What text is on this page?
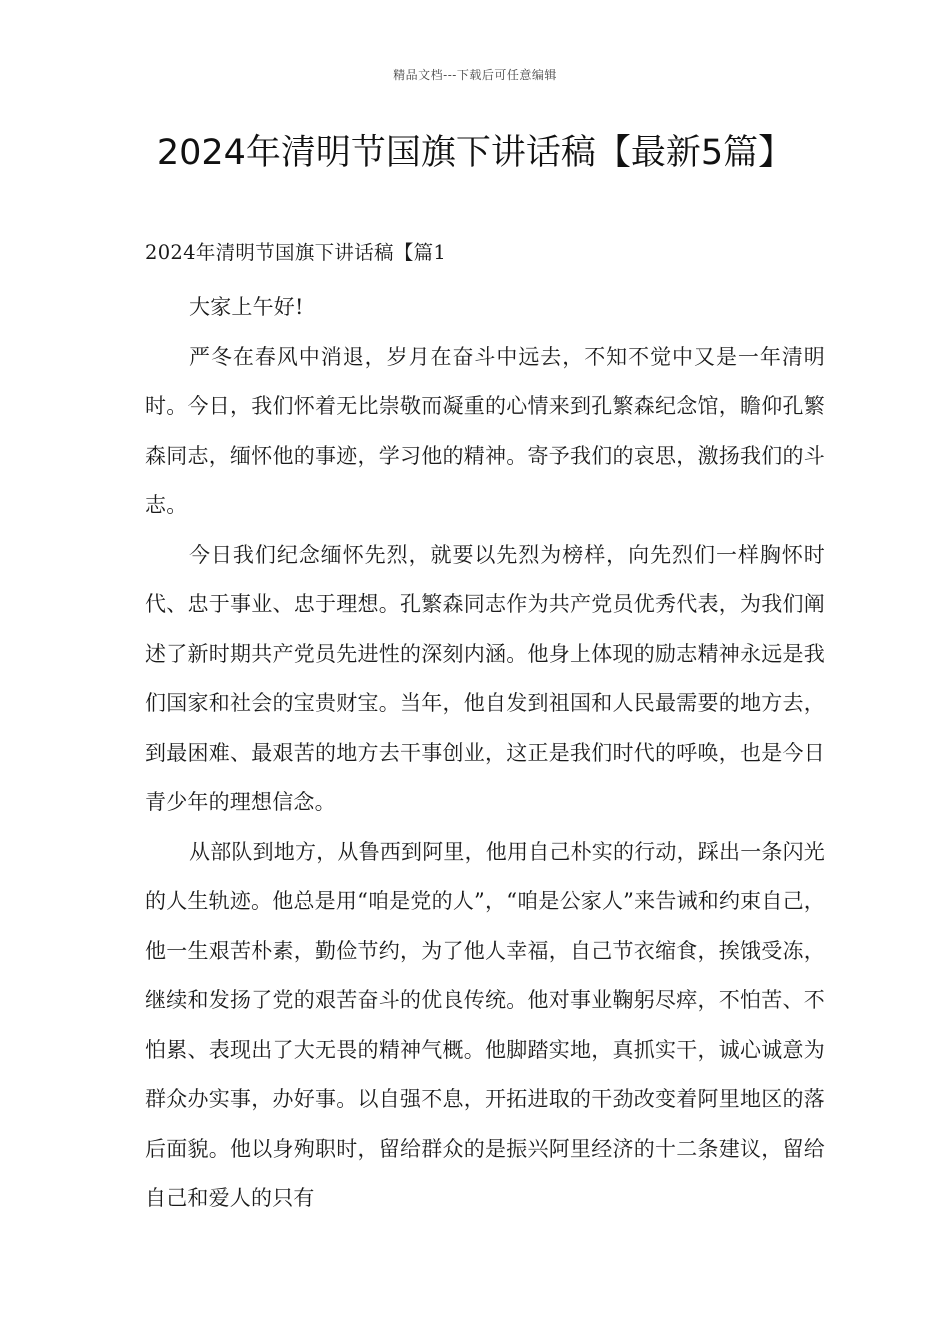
精品文档---下载后可任意编辑
2024年清明节国旗下讲话稿【最新5篇】

2024年清明节国旗下讲话稿【篇1

大家上午好!

严冬在春风中消退，岁月在奋斗中远去，不知不觉中又是一年清明时。今日，我们怀着无比崇敬而凝重的心情来到孔繁森纪念馆，瞻仰孔繁森同志，缅怀他的事迹，学习他的精神。寄予我们的哀思，激扬我们的斗志。

今日我们纪念缅怀先烈，就要以先烈为榜样，向先烈们一样胸怀时代、忠于事业、忠于理想。孔繁森同志作为共产党员优秀代表，为我们阐述了新时期共产党员先进性的深刻内涵。他身上体现的励志精神永远是我们国家和社会的宝贵财宝。当年，他自发到祖国和人民最需要的地方去，到最困难、最艰苦的地方去干事创业，这正是我们时代的呼唤，也是今日青少年的理想信念。

从部队到地方，从鲁西到阿里，他用自己朴实的行动，踩出一条闪光的人生轨迹。他总是用“咱是党的人”，“咱是公家人”来告诫和约束自己，他一生艰苦朴素，勤俭节约，为了他人幸福，自己节衣缩食，挨饿受冻，继续和发扬了党的艰苦奋斗的优良传统。他对事业鞠躬尽瘁，不怕苦、不怕累、表现出了大无畏的精神气概。他脚踏实地，真抓实干，诚心诚意为群众办实事，办好事。以自强不息，开拓进取的干劲改变着阿里地区的落后面貌。他以身殉职时，留给群众的是振兴阿里经济的十二条建议，留给自己和爱人的只有
